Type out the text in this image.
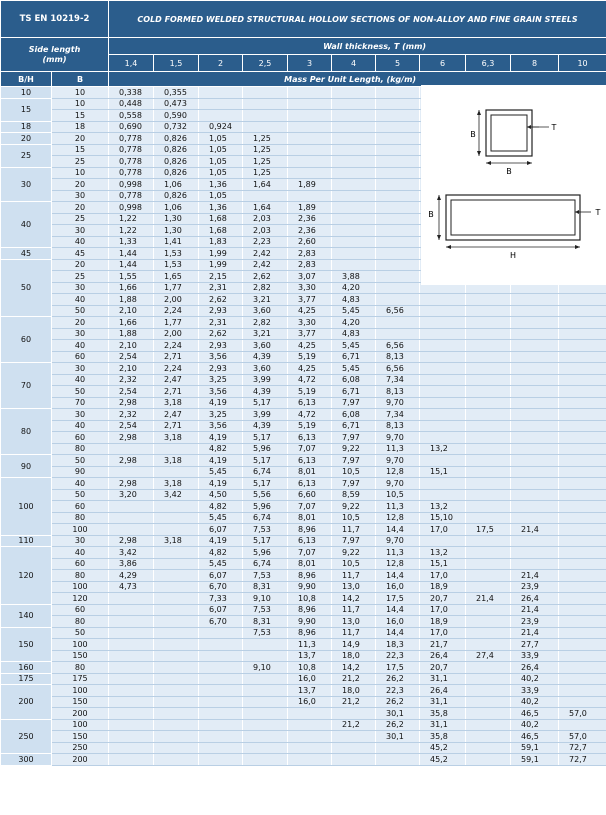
TS EN 10219-2		COLD FORMED WELDED STRUCTURAL HOLLOW SECTIONS OF NON-ALLOY AND FINE GRAIN STEELS										

Side length
(mm)		Wall thickness, T (mm)										
		1,4	1,5	2	2,5	3	4	5	6	6,3	8	10
B/H	B	Mass Per Unit Length, (kg/m)										
10	10	0,338	0,355									
15	10	0,448	0,473									
	15	0,558	0,590									
18	18	0,690	0,732	0,924								
20	20	0,778	0,826	1,05	1,25							
25	15	0,778	0,826	1,05	1,25							
	25	0,778	0,826	1,05	1,25							
30	10	0,778	0,826	1,05	1,25							
	20	0,998	1,06	1,36	1,64	1,89						
	30	0,778	0,826	1,05								
40	20	0,998	1,06	1,36	1,64	1,89						
	25	1,22	1,30	1,68	2,03	2,36						
	30	1,22	1,30	1,68	2,03	2,36						
	40	1,33	1,41	1,83	2,23	2,60						
45	45	1,44	1,53	1,99	2,42	2,83						
50	20	1,44	1,53	1,99	2,42	2,83						
	25	1,55	1,65	2,15	2,62	3,07	3,88					
	30	1,66	1,77	2,31	2,82	3,30	4,20					
	40	1,88	2,00	2,62	3,21	3,77	4,83					
	50	2,10	2,24	2,93	3,60	4,25	5,45	6,56				
60	20	1,66	1,77	2,31	2,82	3,30	4,20					
	30	1,88	2,00	2,62	3,21	3,77	4,83					
	40	2,10	2,24	2,93	3,60	4,25	5,45	6,56				
	60	2,54	2,71	3,56	4,39	5,19	6,71	8,13				
70	30	2,10	2,24	2,93	3,60	4,25	5,45	6,56				
	40	2,32	2,47	3,25	3,99	4,72	6,08	7,34				
	50	2,54	2,71	3,56	4,39	5,19	6,71	8,13				
	70	2,98	3,18	4,19	5,17	6,13	7,97	9,70				
80	30	2,32	2,47	3,25	3,99	4,72	6,08	7,34				
	40	2,54	2,71	3,56	4,39	5,19	6,71	8,13				
	60	2,98	3,18	4,19	5,17	6,13	7,97	9,70				
	80			4,82	5,96	7,07	9,22	11,3	13,2			
90	50	2,98	3,18	4,19	5,17	6,13	7,97	9,70				
	90			5,45	6,74	8,01	10,5	12,8	15,1			
100	40	2,98	3,18	4,19	5,17	6,13	7,97	9,70				
	50	3,20	3,42	4,50	5,56	6,60	8,59	10,5				
	60			4,82	5,96	7,07	9,22	11,3	13,2			
	80			5,45	6,74	8,01	10,5	12,8	15,10			
	100			6,07	7,53	8,96	11,7	14,4	17,0	17,5	21,4	
110	30	2,98	3,18	4,19	5,17	6,13	7,97	9,70				
120	40	3,42		4,82	5,96	7,07	9,22	11,3	13,2			
	60	3,86		5,45	6,74	8,01	10,5	12,8	15,1			
	80	4,29		6,07	7,53	8,96	11,7	14,4	17,0		21,4	
	100	4,73		6,70	8,31	9,90	13,0	16,0	18,9		23,9	
	120			7,33	9,10	10,8	14,2	17,5	20,7	21,4	26,4	
140	60			6,07	7,53	8,96	11,7	14,4	17,0		21,4	
	80			6,70	8,31	9,90	13,0	16,0	18,9		23,9	
150	50				7,53	8,96	11,7	14,4	17,0		21,4	
	100					11,3	14,9	18,3	21,7		27,7	
	150					13,7	18,0	22,3	26,4	27,4	33,9	
160	80				9,10	10,8	14,2	17,5	20,7		26,4	
175	175					16,0	21,2	26,2	31,1		40,2	
200	100					13,7	18,0	22,3	26,4		33,9	
	150					16,0	21,2	26,2	31,1		40,2	
	200							30,1	35,8		46,5	57,0
250	100						21,2	26,2	31,1		40,2	
	150							30,1	35,8		46,5	57,0
	250								45,2		59,1	72,7
300	200								45,2		59,1	72,7
B
B
T
B
H
T
